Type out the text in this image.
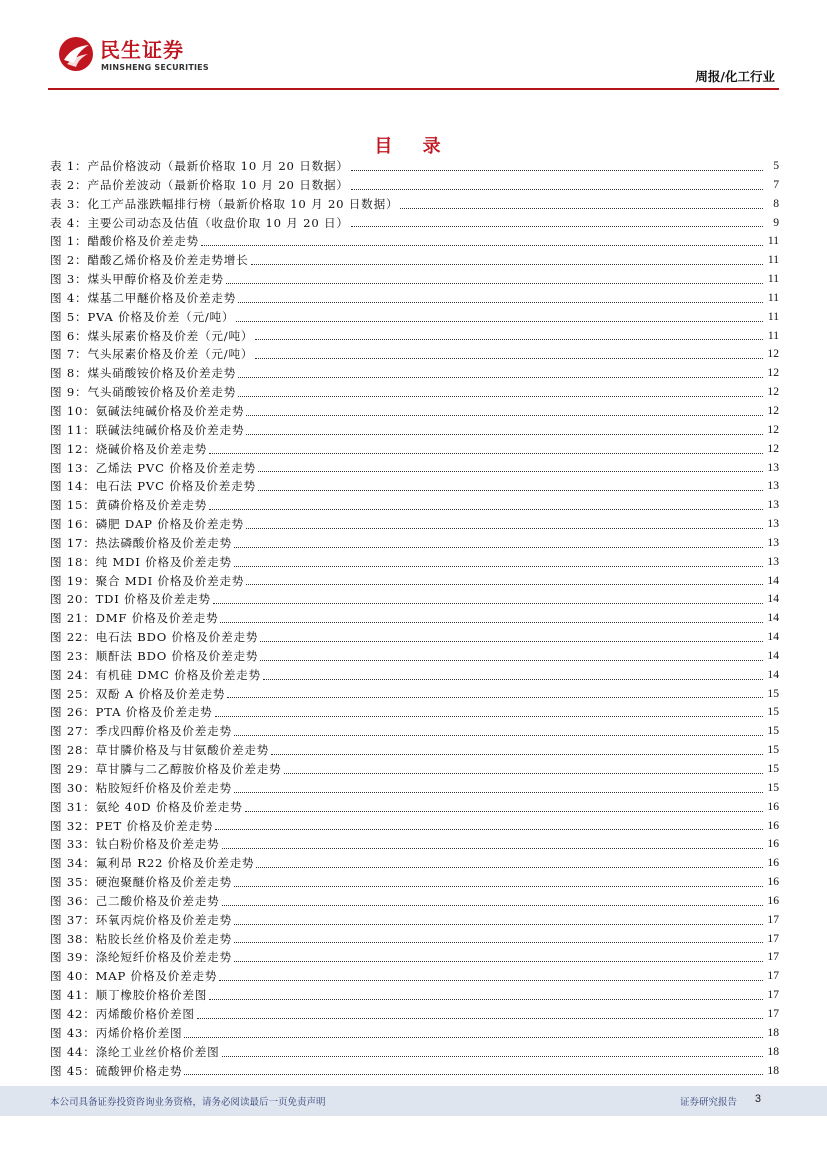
民生证券
MINSHENG SECURITIES
周报/化工行业
目 录
表 1：产品价格波动（最新价格取 10 月 20 日数据）	5
表 2：产品价差波动（最新价格取 10 月 20 日数据）	7
表 3：化工产品涨跌幅排行榜（最新价格取 10 月 20 日数据）	8
表 4：主要公司动态及估值（收盘价取 10 月 20 日）	9
图 1：醋酸价格及价差走势	11
图 2：醋酸乙烯价格及价差走势增长	11
图 3：煤头甲醇价格及价差走势	11
图 4：煤基二甲醚价格及价差走势	11
图 5：PVA 价格及价差（元/吨）	11
图 6：煤头尿素价格及价差（元/吨）	11
图 7：气头尿素价格及价差（元/吨）	12
图 8：煤头硝酸铵价格及价差走势	12
图 9：气头硝酸铵价格及价差走势	12
图 10：氨碱法纯碱价格及价差走势	12
图 11：联碱法纯碱价格及价差走势	12
图 12：烧碱价格及价差走势	12
图 13：乙烯法 PVC 价格及价差走势	13
图 14：电石法 PVC 价格及价差走势	13
图 15：黄磷价格及价差走势	13
图 16：磷肥 DAP 价格及价差走势	13
图 17：热法磷酸价格及价差走势	13
图 18：纯 MDI 价格及价差走势	13
图 19：聚合 MDI 价格及价差走势	14
图 20：TDI 价格及价差走势	14
图 21：DMF 价格及价差走势	14
图 22：电石法 BDO 价格及价差走势	14
图 23：顺酐法 BDO 价格及价差走势	14
图 24：有机硅 DMC 价格及价差走势	14
图 25：双酚 A 价格及价差走势	15
图 26：PTA 价格及价差走势	15
图 27：季戊四醇价格及价差走势	15
图 28：草甘膦价格及与甘氨酸价差走势	15
图 29：草甘膦与二乙醇胺价格及价差走势	15
图 30：粘胶短纤价格及价差走势	15
图 31：氨纶 40D 价格及价差走势	16
图 32：PET 价格及价差走势	16
图 33：钛白粉价格及价差走势	16
图 34：氟利昂 R22 价格及价差走势	16
图 35：硬泡聚醚价格及价差走势	16
图 36：己二酸价格及价差走势	16
图 37：环氧丙烷价格及价差走势	17
图 38：粘胶长丝价格及价差走势	17
图 39：涤纶短纤价格及价差走势	17
图 40：MAP 价格及价差走势	17
图 41：顺丁橡胶价格价差图	17
图 42：丙烯酸价格价差图	17
图 43：丙烯价格价差图	18
图 44：涤纶工业丝价格价差图	18
图 45：硫酸钾价格走势	18
本公司具备证券投资咨询业务资格，请务必阅读最后一页免责声明	证券研究报告 3
